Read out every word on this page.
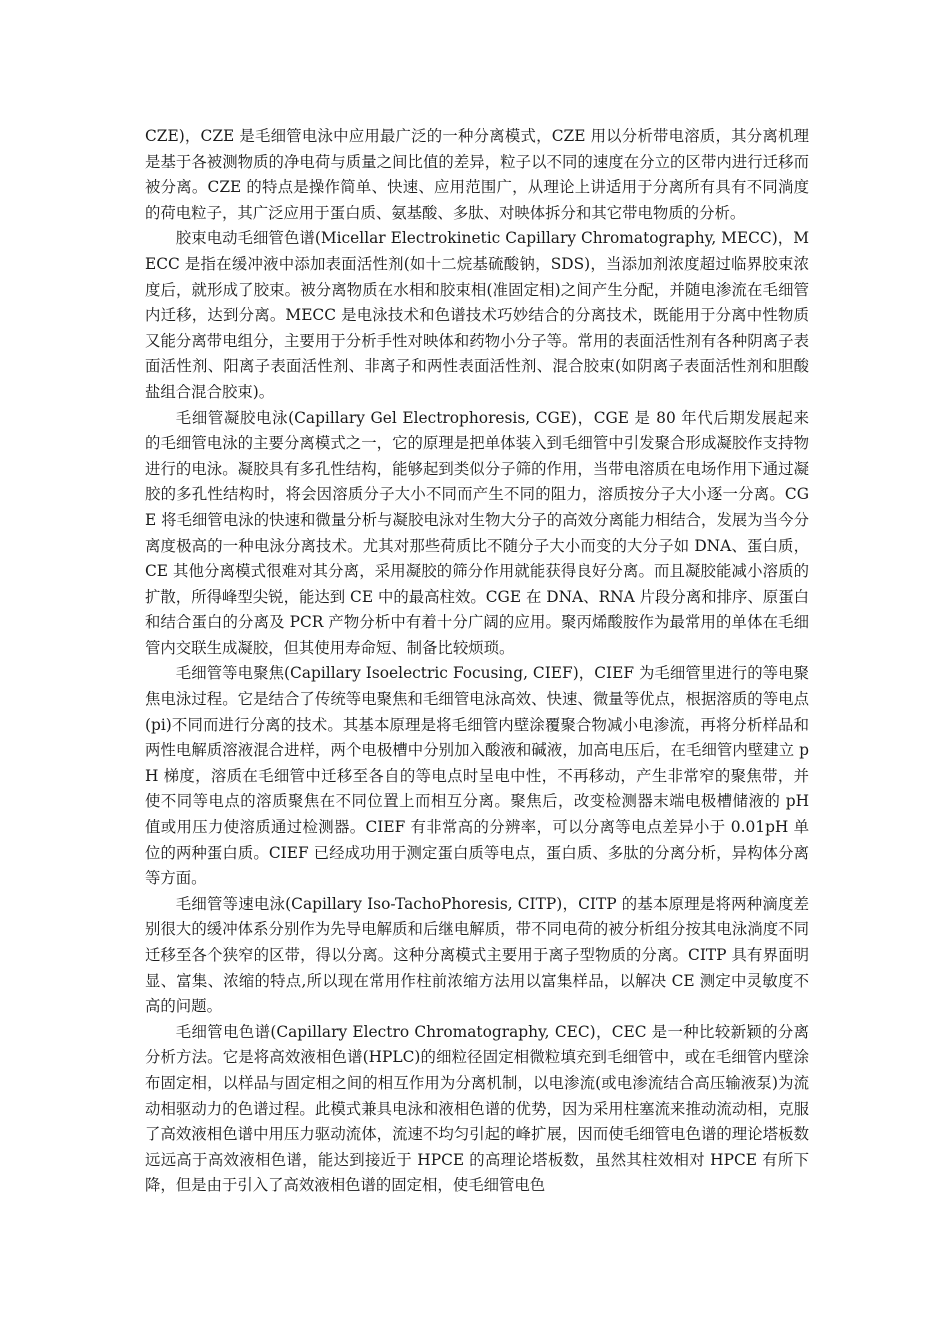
CZE)，CZE 是毛细管电泳中应用最广泛的一种分离模式，CZE 用以分析带电溶质，其分离机理是基于各被测物质的净电荷与质量之间比值的差异，粒子以不同的速度在分立的区带内进行迁移而被分离。CZE 的特点是操作简单、快速、应用范围广，从理论上讲适用于分离所有具有不同淌度的荷电粒子，其广泛应用于蛋白质、氨基酸、多肽、对映体拆分和其它带电物质的分析。

胶束电动毛细管色谱(Micellar Electrokinetic Capillary Chromatography, MECC)，MECC 是指在缓冲液中添加表面活性剂(如十二烷基硫酸钠，SDS)，当添加剂浓度超过临界胶束浓度后，就形成了胶束。被分离物质在水相和胶束相(准固定相)之间产生分配，并随电渗流在毛细管内迁移，达到分离。MECC 是电泳技术和色谱技术巧妙结合的分离技术，既能用于分离中性物质又能分离带电组分，主要用于分析手性对映体和药物小分子等。常用的表面活性剂有各种阴离子表面活性剂、阳离子表面活性剂、非离子和两性表面活性剂、混合胶束(如阴离子表面活性剂和胆酸盐组合混合胶束)。

毛细管凝胶电泳(Capillary Gel Electrophoresis, CGE)，CGE 是 80 年代后期发展起来的毛细管电泳的主要分离模式之一，它的原理是把单体装入到毛细管中引发聚合形成凝胶作支持物进行的电泳。凝胶具有多孔性结构，能够起到类似分子筛的作用，当带电溶质在电场作用下通过凝胶的多孔性结构时，将会因溶质分子大小不同而产生不同的阻力，溶质按分子大小逐一分离。CGE 将毛细管电泳的快速和微量分析与凝胶电泳对生物大分子的高效分离能力相结合，发展为当今分离度极高的一种电泳分离技术。尤其对那些荷质比不随分子大小而变的大分子如 DNA、蛋白质，CE 其他分离模式很难对其分离，采用凝胶的筛分作用就能获得良好分离。而且凝胶能减小溶质的扩散，所得峰型尖锐，能达到 CE 中的最高柱效。CGE 在 DNA、RNA 片段分离和排序、原蛋白和结合蛋白的分离及 PCR 产物分析中有着十分广阔的应用。聚丙烯酸胺作为最常用的单体在毛细管内交联生成凝胶，但其使用寿命短、制备比较烦琐。

毛细管等电聚焦(Capillary Isoelectric Focusing, CIEF)，CIEF 为毛细管里进行的等电聚焦电泳过程。它是结合了传统等电聚焦和毛细管电泳高效、快速、微量等优点，根据溶质的等电点(pi)不同而进行分离的技术。其基本原理是将毛细管内壁涂覆聚合物减小电渗流，再将分析样品和两性电解质溶液混合进样，两个电极槽中分别加入酸液和碱液，加高电压后，在毛细管内壁建立 pH 梯度，溶质在毛细管中迁移至各自的等电点时呈电中性，不再移动，产生非常窄的聚焦带，并使不同等电点的溶质聚焦在不同位置上而相互分离。聚焦后，改变检测器末端电极槽储液的 pH 值或用压力使溶质通过检测器。CIEF 有非常高的分辨率，可以分离等电点差异小于 0.01pH 单位的两种蛋白质。CIEF 已经成功用于测定蛋白质等电点，蛋白质、多肽的分离分析，异构体分离等方面。

毛细管等速电泳(Capillary Iso-TachoPhoresis, CITP)，CITP 的基本原理是将两种滴度差别很大的缓冲体系分别作为先导电解质和后继电解质，带不同电荷的被分析组分按其电泳淌度不同迁移至各个狭窄的区带，得以分离。这种分离模式主要用于离子型物质的分离。CITP 具有界面明显、富集、浓缩的特点,所以现在常用作柱前浓缩方法用以富集样品，以解决 CE 测定中灵敏度不高的问题。

毛细管电色谱(Capillary Electro Chromatography, CEC)，CEC 是一种比较新颖的分离分析方法。它是将高效液相色谱(HPLC)的细粒径固定相微粒填充到毛细管中，或在毛细管内壁涂布固定相，以样品与固定相之间的相互作用为分离机制，以电渗流(或电渗流结合高压输液泵)为流动相驱动力的色谱过程。此模式兼具电泳和液相色谱的优势，因为采用柱塞流来推动流动相，克服了高效液相色谱中用压力驱动流体，流速不均匀引起的峰扩展，因而使毛细管电色谱的理论塔板数远远高于高效液相色谱，能达到接近于 HPCE 的高理论塔板数，虽然其柱效相对 HPCE 有所下降，但是由于引入了高效液相色谱的固定相，使毛细管电色
